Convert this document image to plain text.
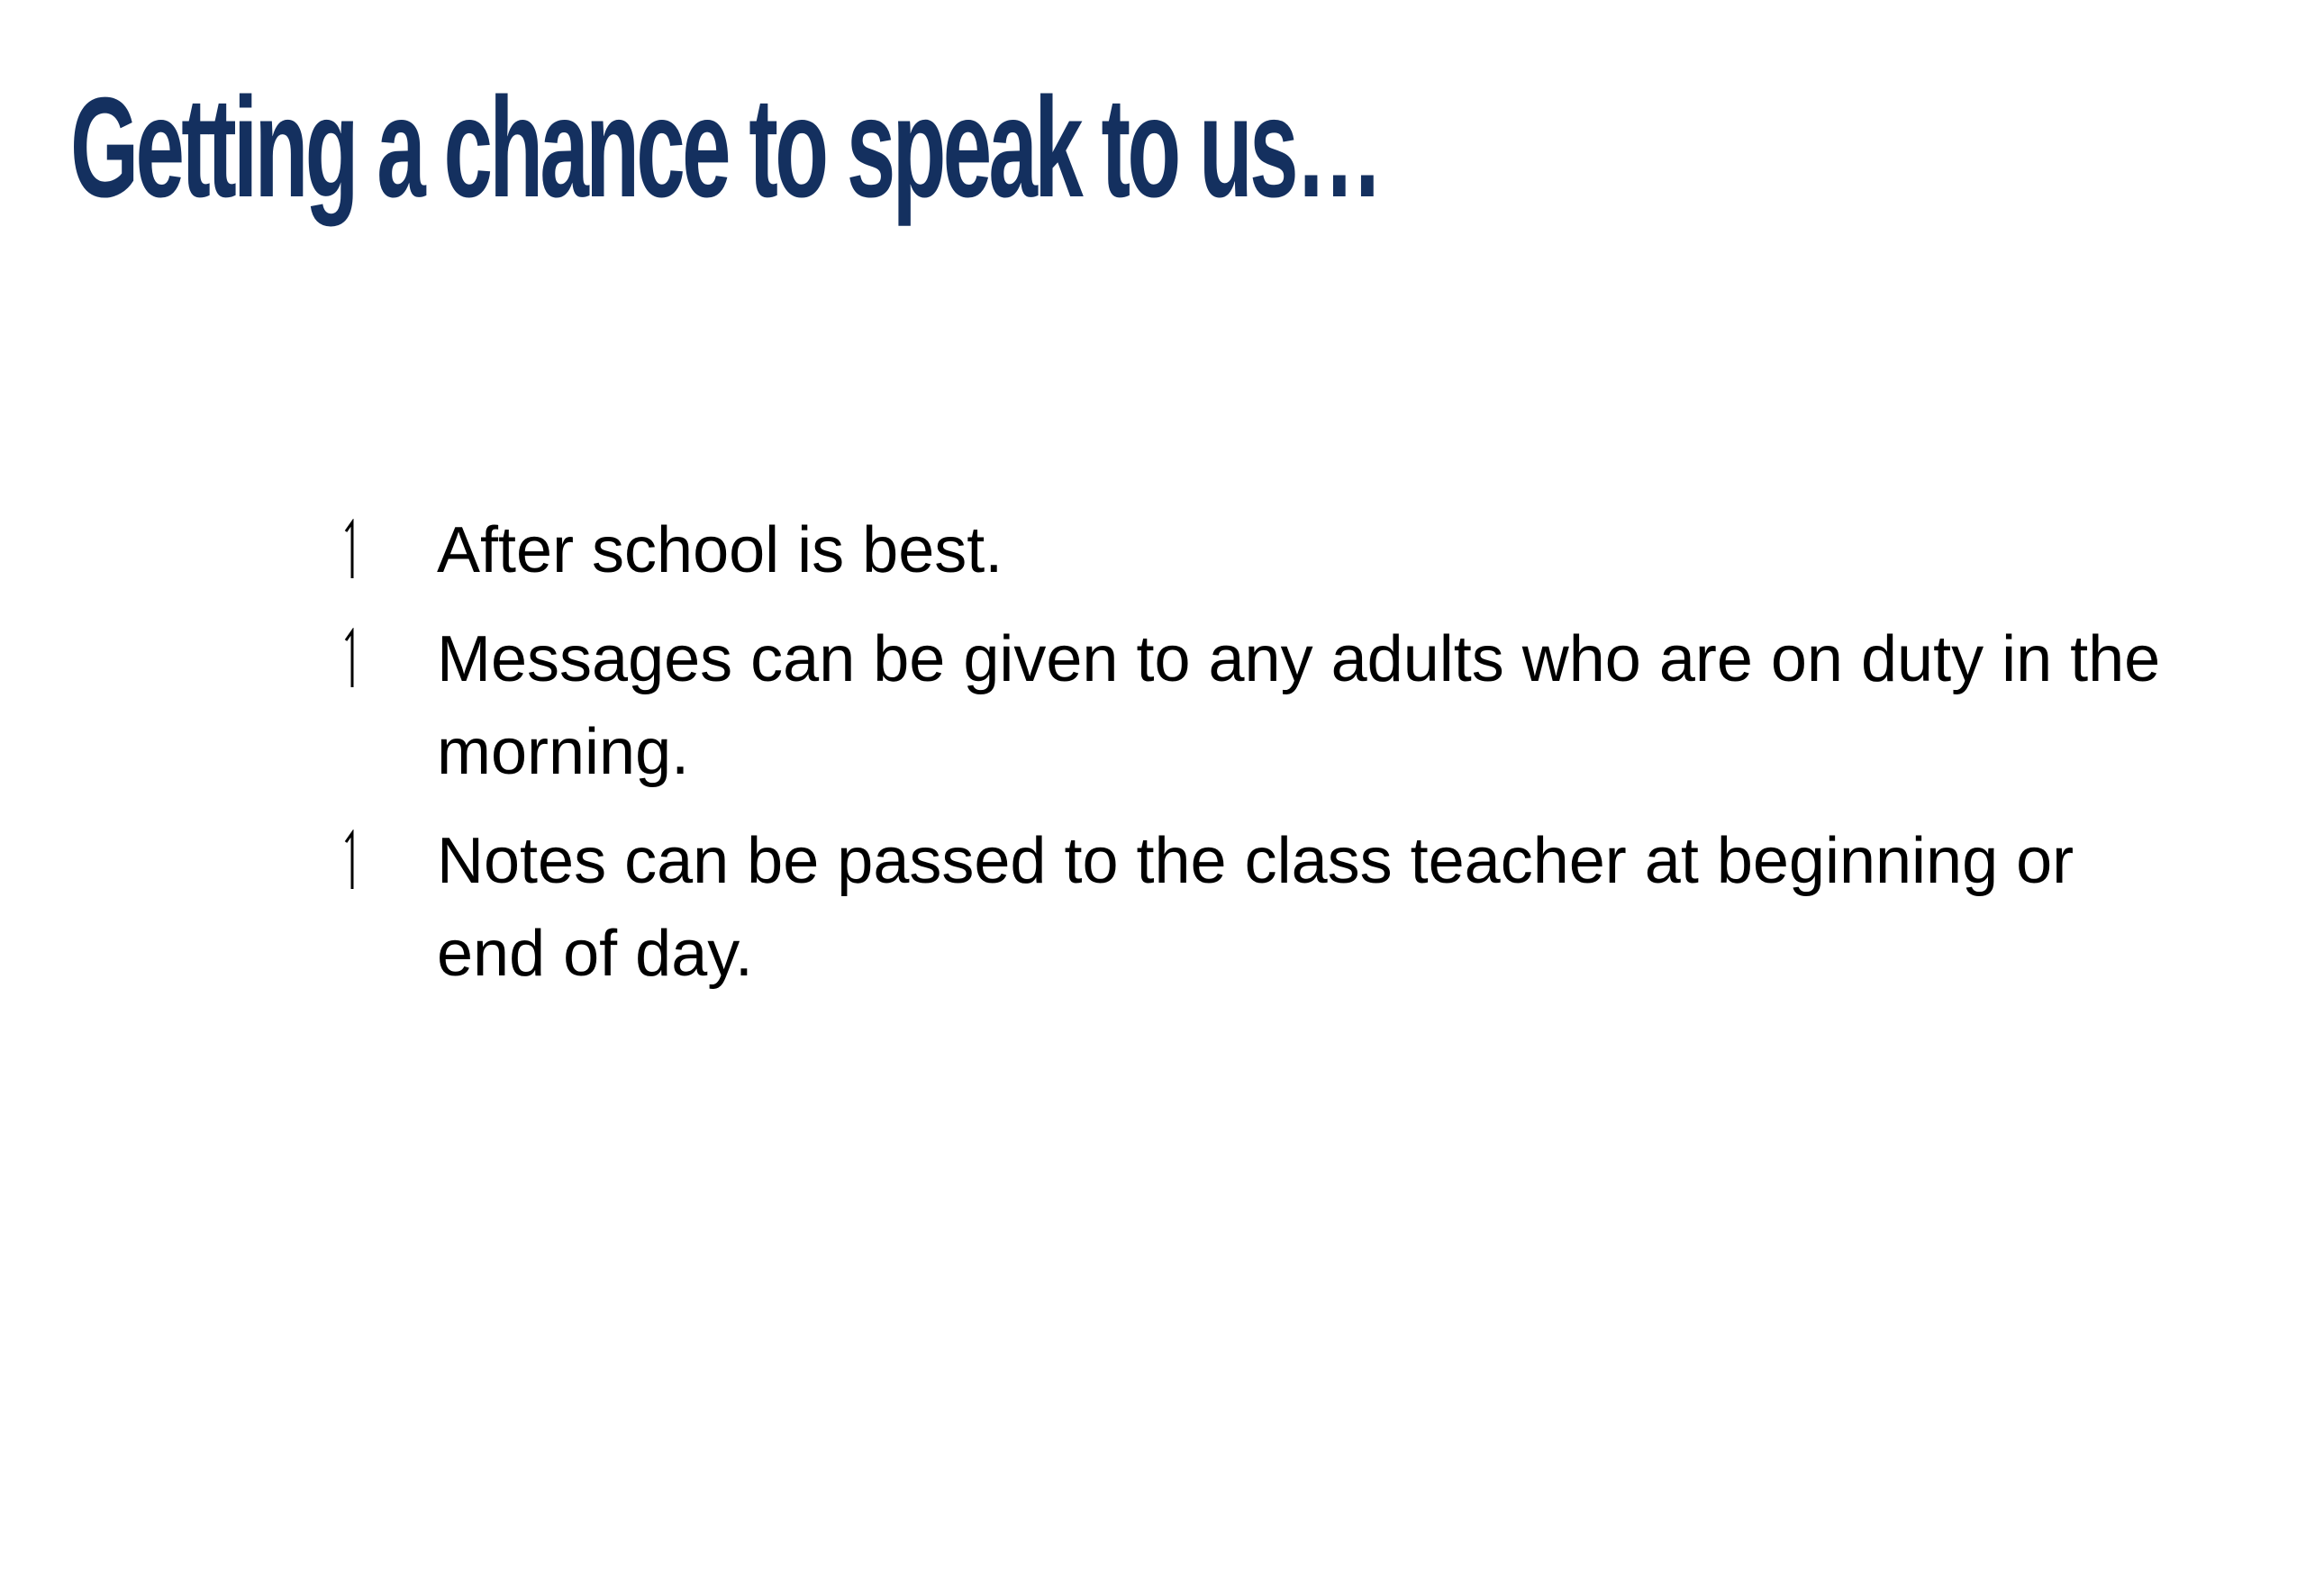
Getting a chance to speak to us…
After school is best.
Messages can be given to any adults who are on duty in the morning.
Notes can be passed to the class teacher at beginning or end of day.
